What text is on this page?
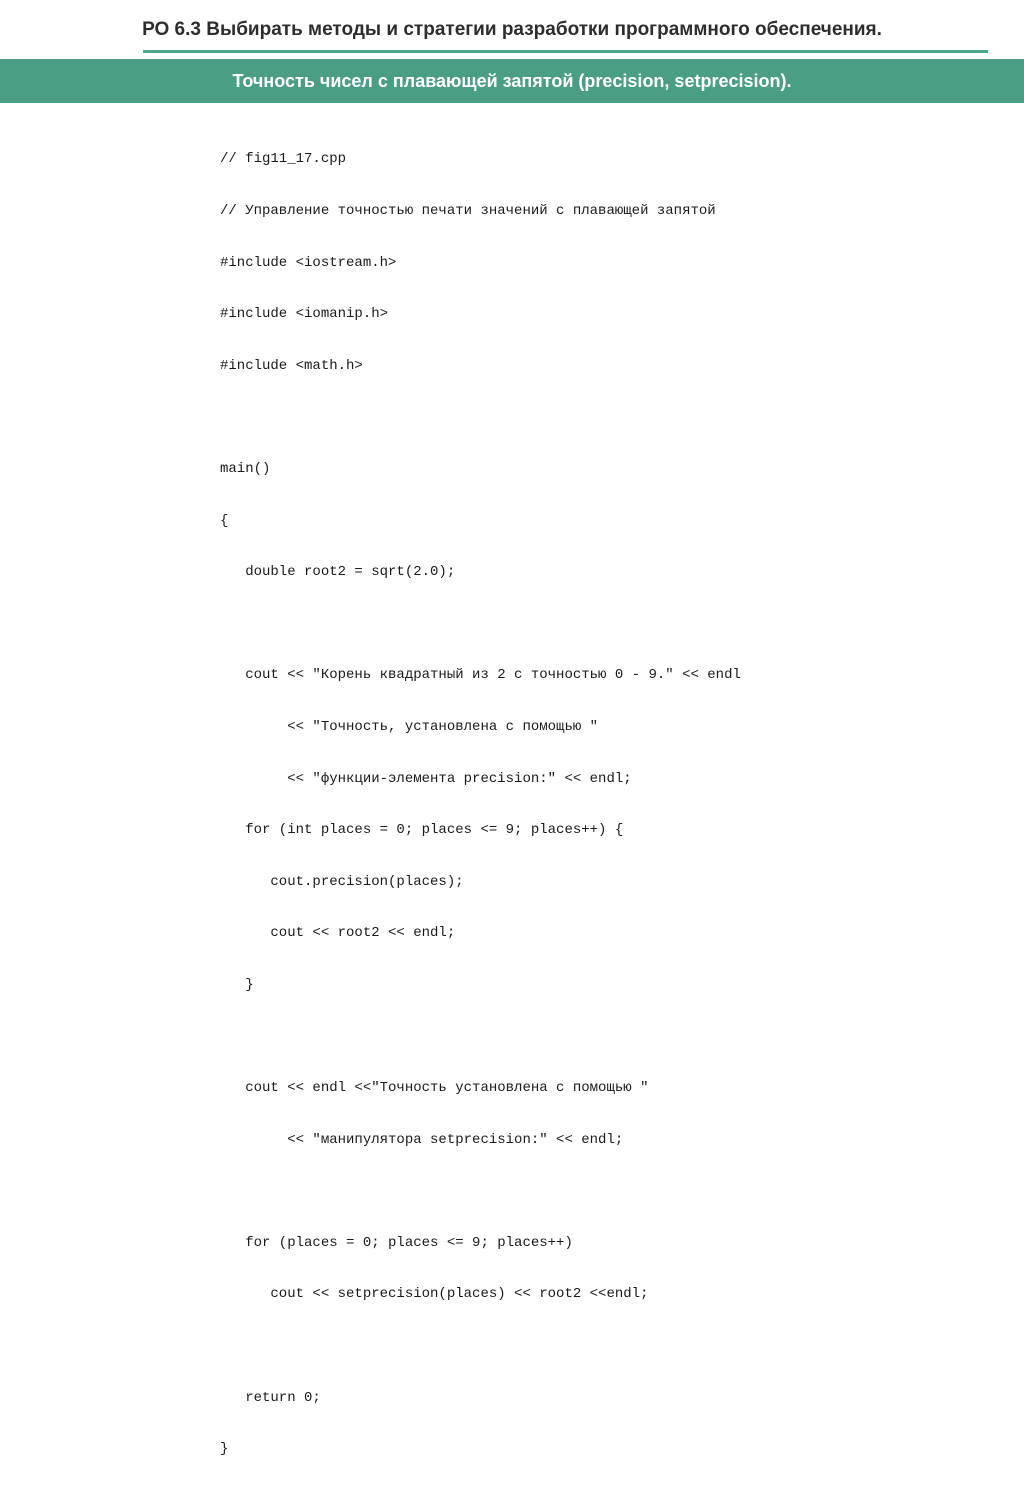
РО 6.3 Выбирать методы и стратегии разработки программного обеспечения.
Точность чисел с плавающей запятой (precision, setprecision).

// fig11_17.cpp

// Управление точностью печати значений с плавающей запятой

#include <iostream.h>

#include <iomanip.h>

#include <math.h>

main()

{

double root2 = sqrt(2.0);

cout << "Корень квадратный из 2 с точностью 0 - 9." << endl

<< "Точность, установлена с помощью "

<< "функции-элемента precision:" << endl;

for (int places = 0; places <= 9; places++) {

cout.precision(places);

cout << root2 << endl;

}

cout << endl <<"Точность установлена с помощью "

<< "манипулятора setprecision:" << endl;

for (places = 0; places <= 9; places++)

cout << setprecision(places) << root2 <<endl;

return 0;

}
